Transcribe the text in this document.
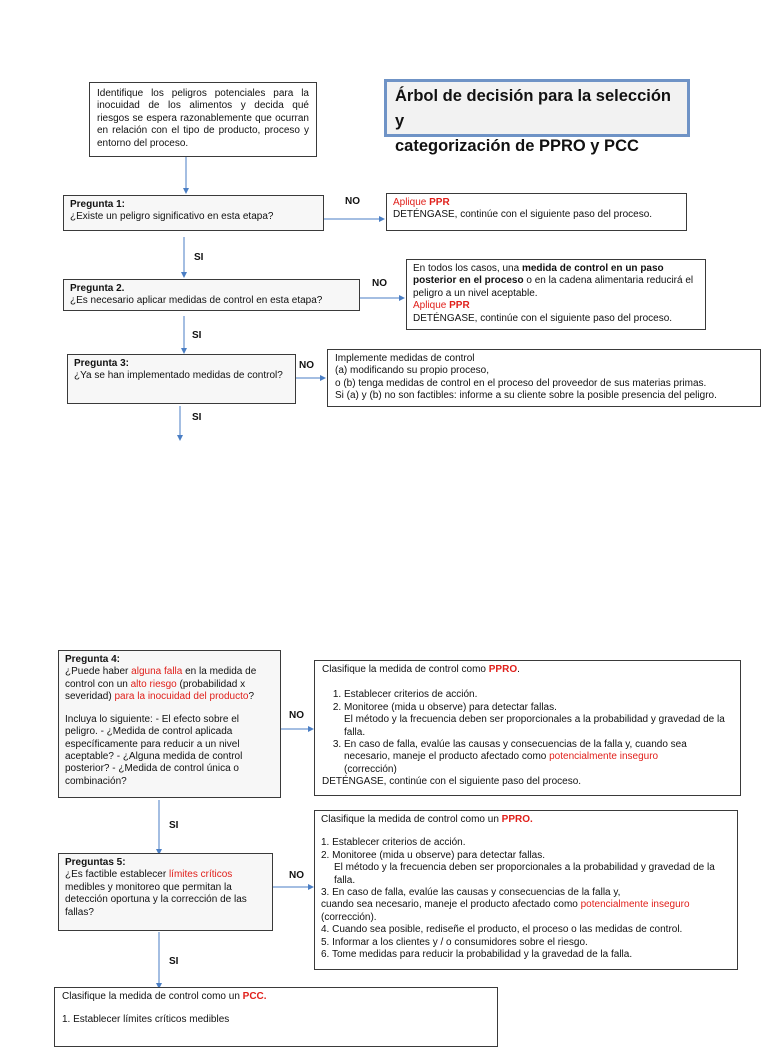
Árbol de decisión para la selección y
categorización de PPRO y PCC
Identifique los peligros potenciales para la inocuidad de los alimentos y decida qué riesgos se espera razonablemente que ocurran en relación con el tipo de producto, proceso y entorno del proceso.
Pregunta 1:
¿Existe un peligro significativo en esta etapa?
NO	Aplique PPR
DETÉNGASE, continúe con el siguiente paso del proceso.
SI
Pregunta 2.
¿Es necesario aplicar medidas de control en esta etapa?
NO
En todos los casos, una medida de control en un paso posterior en el proceso o en la cadena alimentaria reducirá el peligro a un nivel aceptable.
Aplique PPR
DETÉNGASE, continúe con el siguiente paso del proceso.
SI
Pregunta 3:
¿Ya se han implementado medidas de control?
NO
Implemente medidas de control
(a) modificando su propio proceso,
o (b) tenga medidas de control en el proceso del proveedor de sus materias primas.
Si (a) y (b) no son factibles: informe a su cliente sobre la posible presencia del peligro.
SI
Pregunta 4:
¿Puede haber alguna falla en la medida de control con un alto riesgo (probabilidad x severidad) para la inocuidad del producto?
Incluya lo siguiente: - El efecto sobre el peligro. - ¿Medida de control aplicada específicamente para reducir a un nivel aceptable? - ¿Alguna medida de control posterior? - ¿Medida de control única o combinación?
NO
Clasifique la medida de control como PPRO.
1. Establecer criterios de acción.
2. Monitoree (mida u observe) para detectar fallas.
El método y la frecuencia deben ser proporcionales a la probabilidad y gravedad de la falla.
3. En caso de falla, evalúe las causas y consecuencias de la falla y, cuando sea necesario, maneje el producto afectado como potencialmente inseguro
(corrección)
DETÉNGASE, continúe con el siguiente paso del proceso.
SI
Preguntas 5:
¿Es factible establecer límites críticos medibles y monitoreo que permitan la detección oportuna y la corrección de las fallas?
NO
Clasifique la medida de control como un PPRO.
1. Establecer criterios de acción.
2. Monitoree (mida u observe) para detectar fallas.
El método y la frecuencia deben ser proporcionales a la probabilidad y gravedad de la falla.
3. En caso de falla, evalúe las causas y consecuencias de la falla y,
cuando sea necesario, maneje el producto afectado como potencialmente inseguro
(corrección).
4. Cuando sea posible, rediseñe el producto, el proceso o las medidas de control.
5. Informar a los clientes y / o consumidores sobre el riesgo.
6. Tome medidas para reducir la probabilidad y la gravedad de la falla.
SI
Clasifique la medida de control como un PCC.
1. Establecer límites críticos medibles
